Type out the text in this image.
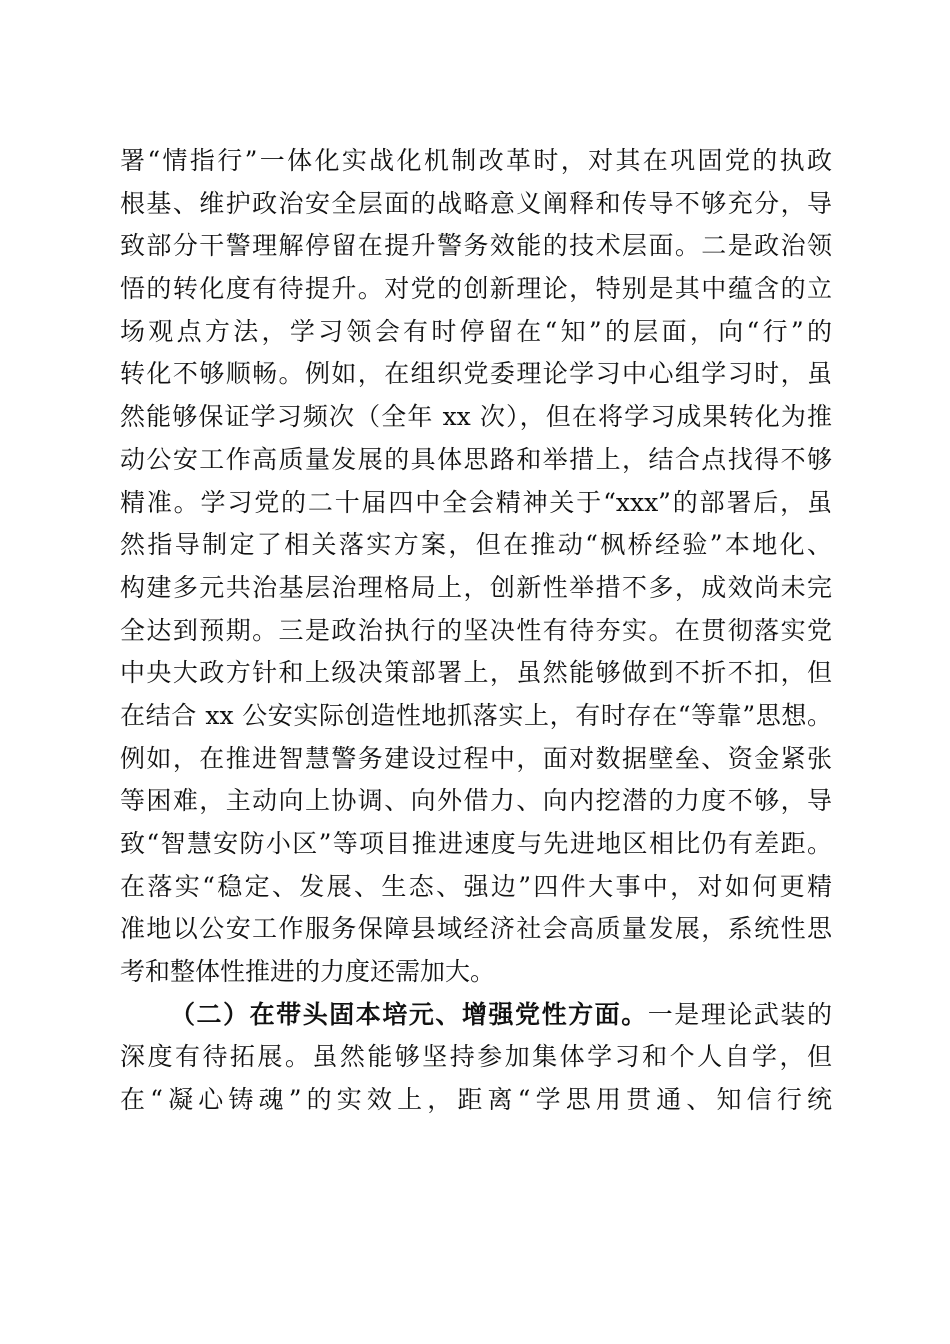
署“情指行”一体化实战化机制改革时，对其在巩固党的执政
根基、维护政治安全层面的战略意义阐释和传导不够充分，导
致部分干警理解停留在提升警务效能的技术层面。二是政治领
悟的转化度有待提升。对党的创新理论，特别是其中蕴含的立
场观点方法，学习领会有时停留在“知”的层面，向“行”的
转化不够顺畅。例如，在组织党委理论学习中心组学习时，虽
然能够保证学习频次（全年 xx 次），但在将学习成果转化为推
动公安工作高质量发展的具体思路和举措上，结合点找得不够
精准。学习党的二十届四中全会精神关于“xxx”的部署后，虽
然指导制定了相关落实方案，但在推动“枫桥经验”本地化、
构建多元共治基层治理格局上，创新性举措不多，成效尚未完
全达到预期。三是政治执行的坚决性有待夯实。在贯彻落实党
中央大政方针和上级决策部署上，虽然能够做到不折不扣，但
在结合 xx 公安实际创造性地抓落实上，有时存在“等靠”思想。
例如，在推进智慧警务建设过程中，面对数据壁垒、资金紧张
等困难，主动向上协调、向外借力、向内挖潜的力度不够，导
致“智慧安防小区”等项目推进速度与先进地区相比仍有差距。
在落实“稳定、发展、生态、强边”四件大事中，对如何更精
准地以公安工作服务保障县域经济社会高质量发展，系统性思
考和整体性推进的力度还需加大。
（二）在带头固本培元、增强党性方面。一是理论武装的
深度有待拓展。虽然能够坚持参加集体学习和个人自学，但
在“凝心铸魂”的实效上，距离“学思用贯通、知信行统
